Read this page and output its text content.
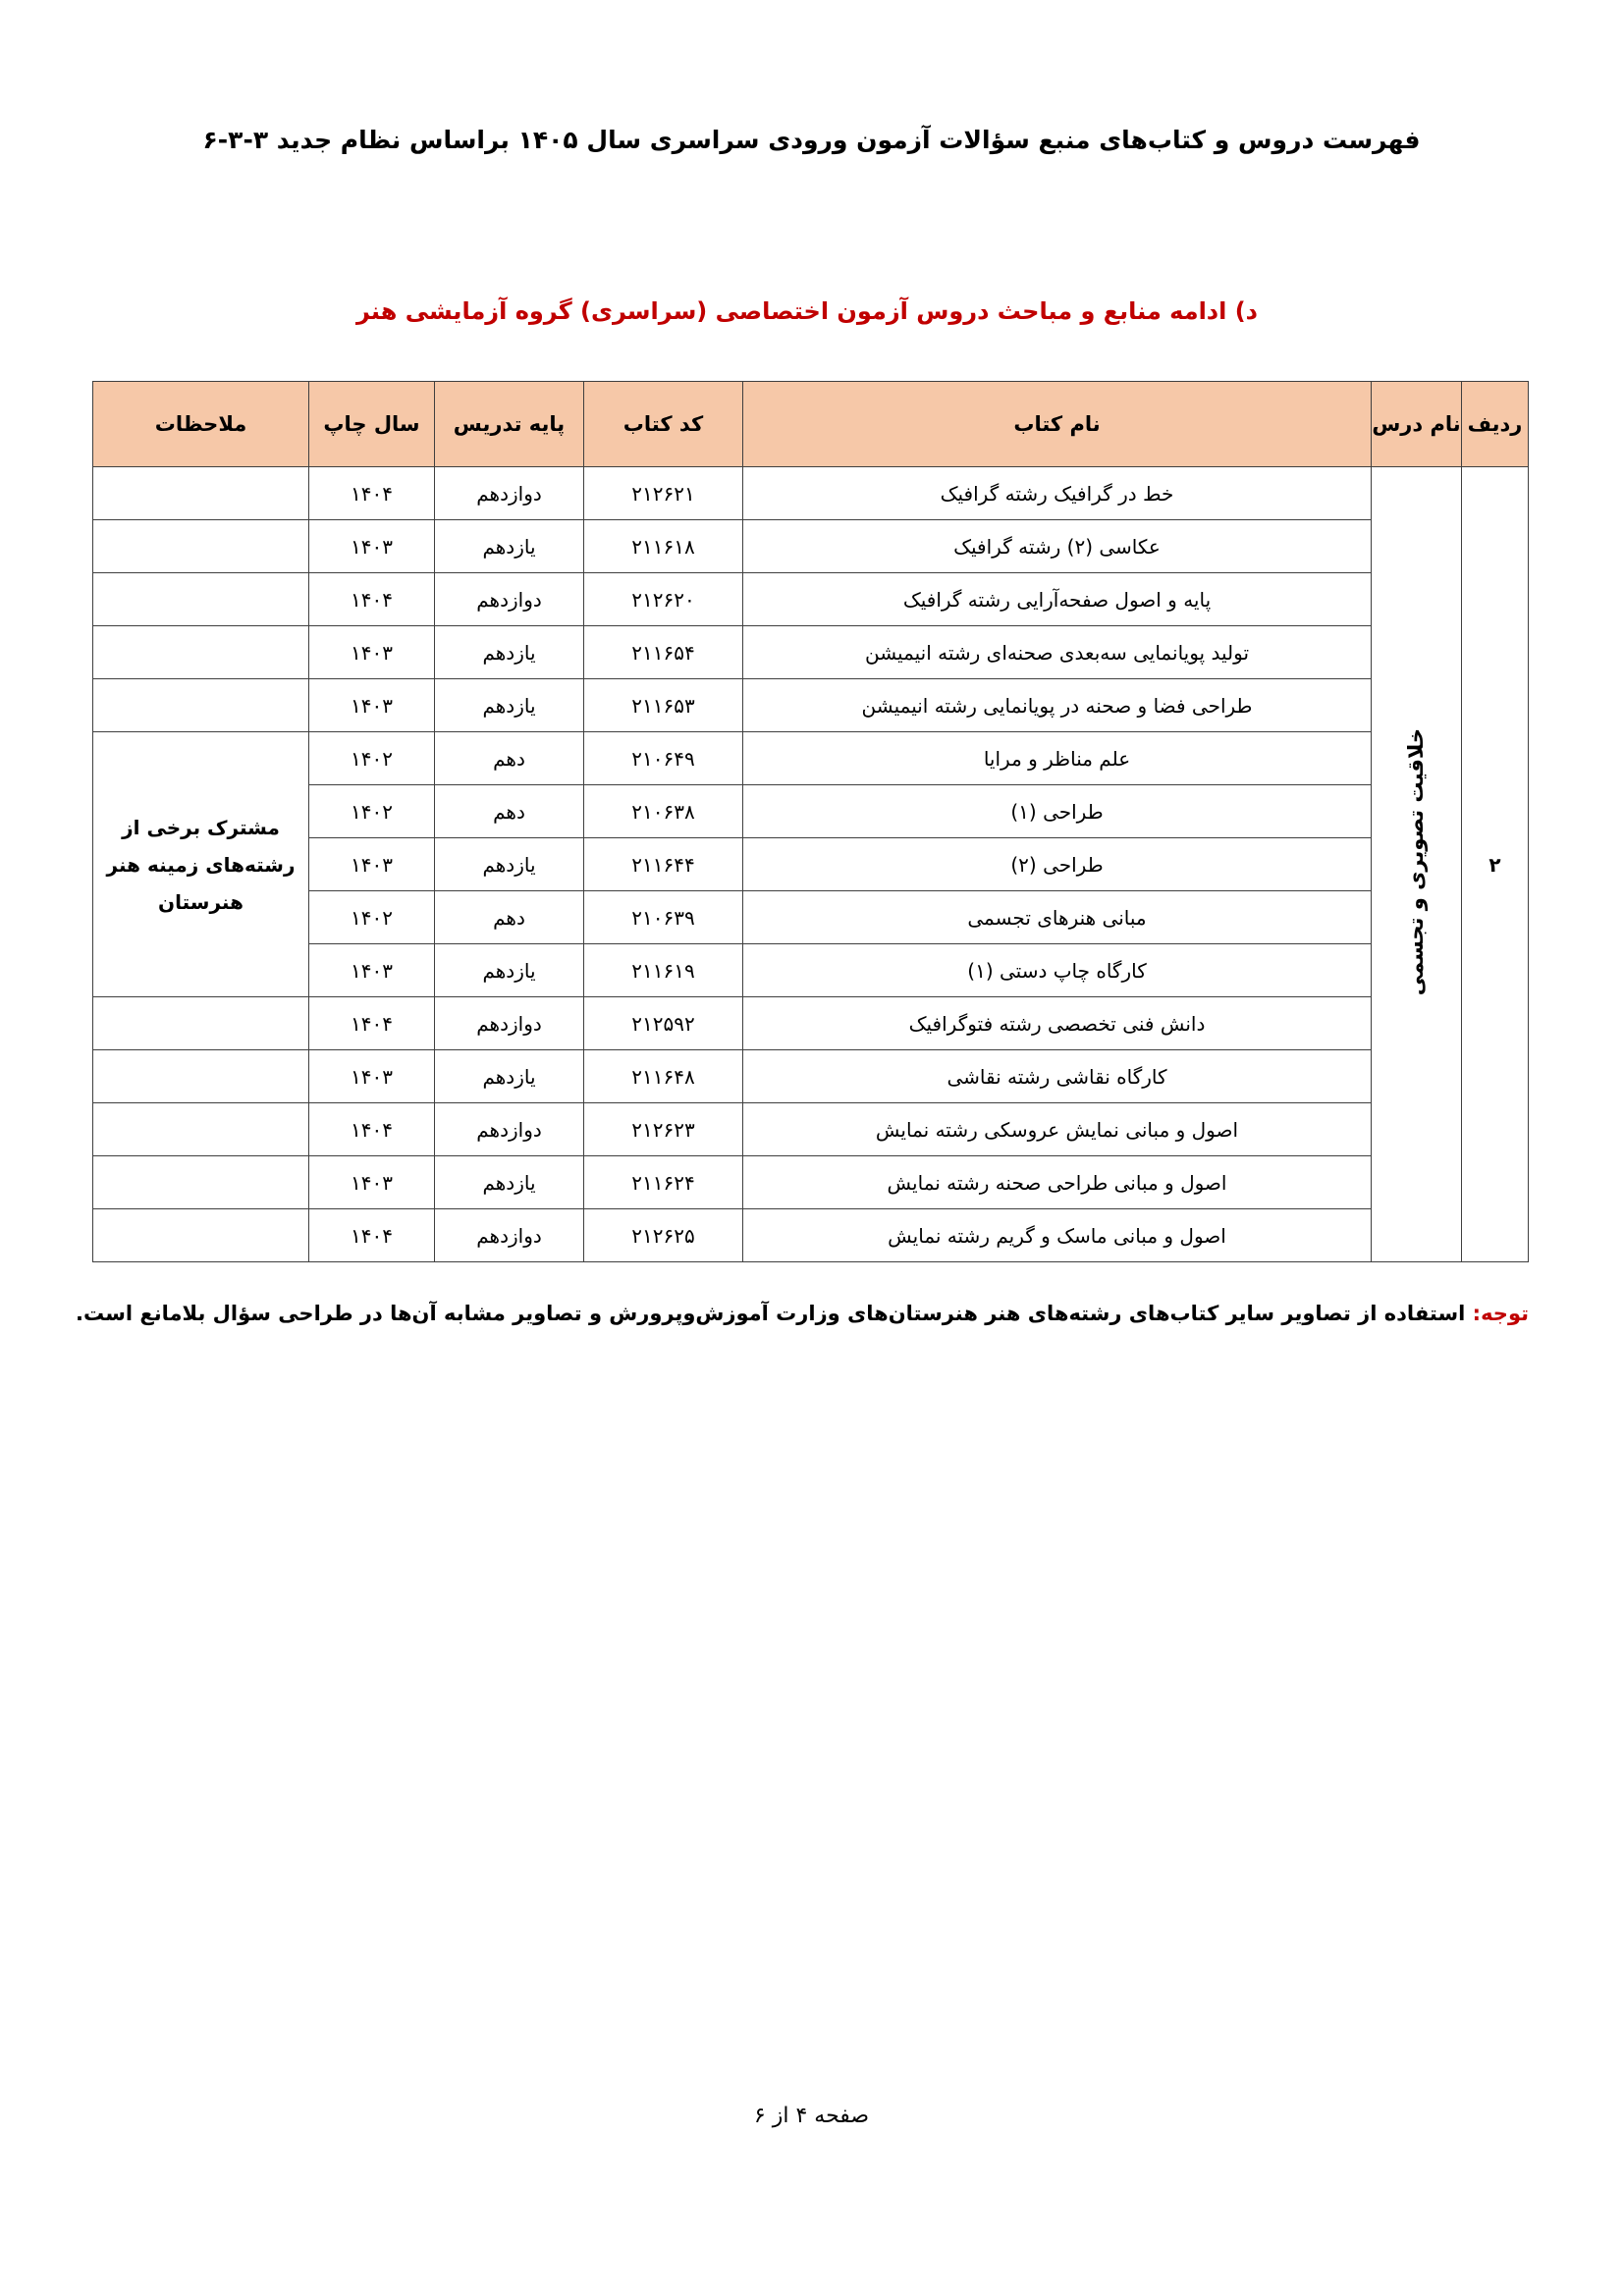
فهرست دروس و کتاب‌های منبع سؤالات آزمون ورودی سراسری سال ۱۴۰۵ براساس نظام جدید ۳-۳-۶
د) ادامه منابع و مباحث دروس آزمون اختصاصی (سراسری) گروه آزمایشی هنر
ردیف	نام درس	نام کتاب	کد کتاب	پایه تدریس	سال چاپ	ملاحظات
۲	خلاقیت تصویری و تجسمی	خط در گرافیک رشته گرافیک	۲۱۲۶۲۱	دوازدهم	۱۴۰۴	
		عکاسی (۲) رشته گرافیک	۲۱۱۶۱۸	یازدهم	۱۴۰۳	
		پایه و اصول صفحه‌آرایی رشته گرافیک	۲۱۲۶۲۰	دوازدهم	۱۴۰۴	
		تولید پویانمایی سه‌بعدی صحنه‌ای رشته انیمیشن	۲۱۱۶۵۴	یازدهم	۱۴۰۳	
		طراحی فضا و صحنه در پویانمایی رشته انیمیشن	۲۱۱۶۵۳	یازدهم	۱۴۰۳	
		علم مناظر و مرایا	۲۱۰۶۴۹	دهم	۱۴۰۲	مشترک برخی از رشته‌های زمینه هنر هنرستان
		طراحی (۱)	۲۱۰۶۳۸	دهم	۱۴۰۲	
		طراحی (۲)	۲۱۱۶۴۴	یازدهم	۱۴۰۳	
		مبانی هنرهای تجسمی	۲۱۰۶۳۹	دهم	۱۴۰۲	
		کارگاه چاپ دستی (۱)	۲۱۱۶۱۹	یازدهم	۱۴۰۳	
		دانش فنی تخصصی رشته فتوگرافیک	۲۱۲۵۹۲	دوازدهم	۱۴۰۴	
		کارگاه نقاشی رشته نقاشی	۲۱۱۶۴۸	یازدهم	۱۴۰۳	
		اصول و مبانی نمایش عروسکی رشته نمایش	۲۱۲۶۲۳	دوازدهم	۱۴۰۴	
		اصول و مبانی طراحی صحنه رشته نمایش	۲۱۱۶۲۴	یازدهم	۱۴۰۳	
		اصول و مبانی ماسک و گریم رشته نمایش	۲۱۲۶۲۵	دوازدهم	۱۴۰۴	
توجه: استفاده از تصاویر سایر کتاب‌های رشته‌های هنر هنرستان‌های وزارت آموزش‌وپرورش و تصاویر مشابه آن‌ها در طراحی سؤال بلامانع است.
صفحه ۴ از ۶
